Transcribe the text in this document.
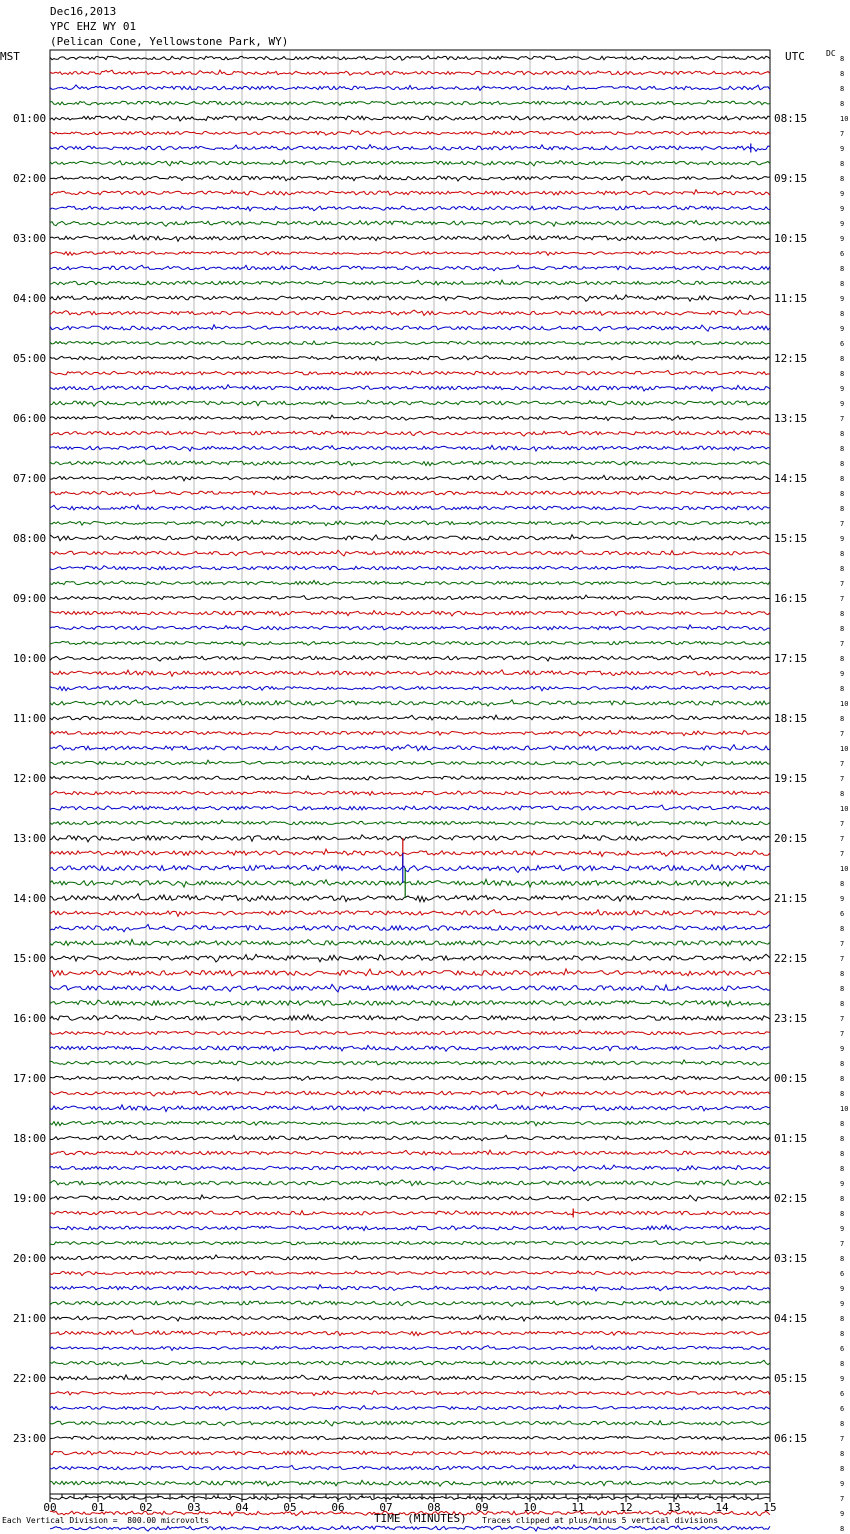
Dec16,2013
YPC EHZ WY 01
(Pelican Cone, Yellowstone Park, WY)
MST	UTC	DC
00	01	02	03	04	05	06	07	08	09	10	11	12	13	14	15
8
8
8
8
10
7
9
8
8
9
9
9
9
6
8
8
9
8
9
6
8
8
9
9
7
8
8
8
8
8
8
7
9
8
8
7
7
8
8
7
8
9
8
10
8
7
10
7
7
8
10
7
7
7
10
8
9
6
8
7
7
8
8
8
7
7
9
8
8
8
10
8
8
8
8
9
8
8
9
7
8
6
9
9
8
8
6
8
9
6
6
8
7
8
8
9
7
9
8
01:00
02:00
03:00
04:00
05:00
06:00
07:00
08:00
09:00
10:00
11:00
12:00
13:00
14:00
15:00
16:00
17:00
18:00
19:00
20:00
21:00
22:00
23:00
08:15
09:15
10:15
11:15
12:15
13:15
14:15
15:15
16:15
17:15
18:15
19:15
20:15
21:15
22:15
23:15
00:15
01:15
02:15
03:15
04:15
05:15
06:15
Each Vertical Division =  800.00 microvolts	TIME (MINUTES) Traces clipped at plus/minus 5 vertical divisions
